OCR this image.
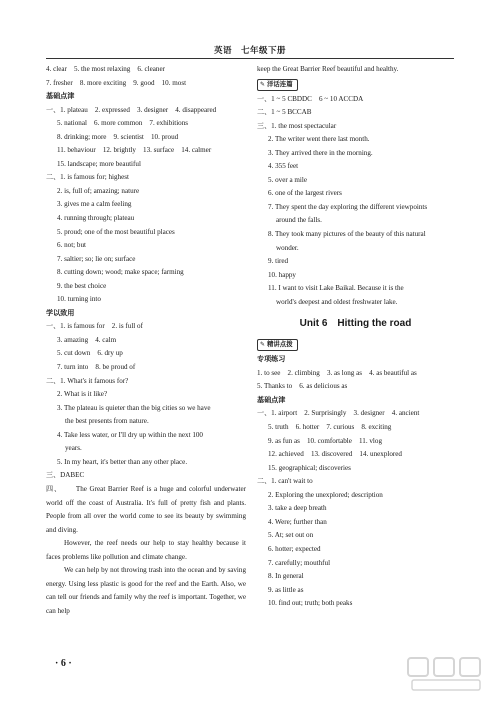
英语　七年级下册
4. clear　5. the most relaxing　6. cleaner
7. fresher　8. more exciting　9. good　10. most
基础点津
一、1. plateau　2. expressed　3. designer　4. disappeared
5. national　6. more common　7. exhibitions
8. drinking; more　9. scientist　10. proud
11. behaviour　12. brightly　13. surface　14. calmer
15. landscape; more beautiful
二、1. is famous for; highest
2. is, full of; amazing; nature
3. gives me a calm feeling
4. running through; plateau
5. proud; one of the most beautiful places
6. not; but
7. saltier; so; lie on; surface
8. cutting down; wood; make space; farming
9. the best choice
10. turning into
学以致用
一、1. is famous for　2. is full of
3. amazing　4. calm
5. cut down　6. dry up
7. turn into　8. be proud of
二、1. What's it famous for?
2. What is it like?
3. The plateau is quieter than the big cities so we have
the best presents from nature.
4. Take less water, or I'll dry up within the next 100
years.
5. In my heart, it's better than any other place.
三、DABEC
四、 The Great Barrier Reef is a huge and colorful underwater world off the coast of Australia. It's full of pretty fish and plants. People from all over the world come to see its beauty by swimming and diving.
However, the reef needs our help to stay healthy because it faces problems like pollution and climate change.
We can help by not throwing trash into the ocean and by saving energy. Using less plastic is good for the reef and the Earth. Also, we can tell our friends and family why the reef is important. Together, we can help
keep the Great Barrier Reef beautiful and healthy.
✎ 洋话连篇
一、1 ~ 5 CBDDC　6 ~ 10 ACCDA
二、1 ~ 5 BCCAB
三、1. the most spectacular
2. The writer went there last month.
3. They arrived there in the morning.
4. 355 feet
5. over a mile
6. one of the largest rivers
7. They spent the day exploring the different viewpoints
around the falls.
8. They took many pictures of the beauty of this natural
wonder.
9. tired
10. happy
11. I want to visit Lake Baikal. Because it is the
world's deepest and oldest freshwater lake.
Unit 6　Hitting the road
✎ 精讲点拨
专项练习
1. to see　2. climbing　3. as long as　4. as beautiful as
5. Thanks to　6. as delicious as
基础点津
一、1. airport　2. Surprisingly　3. designer　4. ancient
5. truth　6. hotter　7. curious　8. exciting
9. as fun as　10. comfortable　11. vlog
12. achieved　13. discovered　14. unexplored
15. geographical; discoveries
二、1. can't wait to
2. Exploring the unexplored; description
3. take a deep breath
4. Were; further than
5. At; set out on
6. hotter; expected
7. carefully; mouthful
8. In general
9. as little as
10. find out; truth; both peaks
· 6 ·
